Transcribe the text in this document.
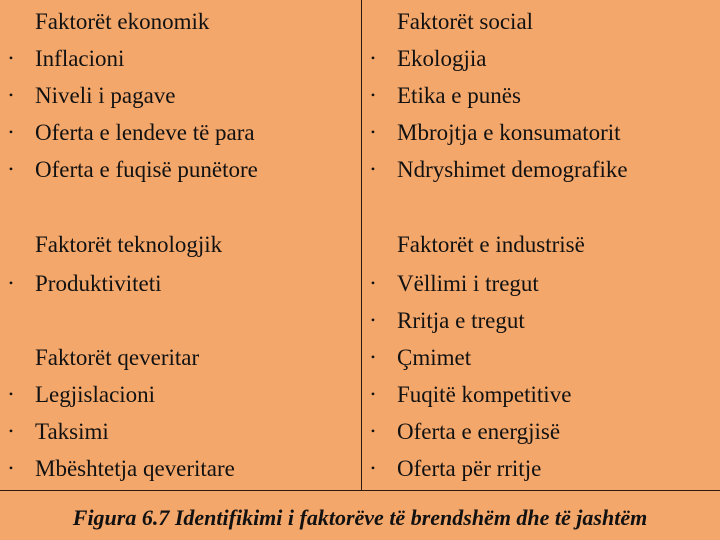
Faktorët ekonomik
• Inflacioni
• Niveli i pagave
• Oferta e lendeve të para
• Oferta e fuqisë punëtore
Faktorët teknologjik
• Produktiviteti
Faktorët qeveritar
• Legjislacioni
• Taksimi
• Mbështetja qeveritare
Faktorët social
• Ekologjia
• Etika e punës
• Mbrojtja e konsumatorit
• Ndryshimet demografike
Faktorët e industrisë
• Vëllimi i tregut
• Rritja e tregut
• Çmimet
• Fuqitë kompetitive
• Oferta e energjisë
• Oferta për rritje
Figura 6.7 Identifikimi i faktorëve të brendshëm dhe të jashtëm
